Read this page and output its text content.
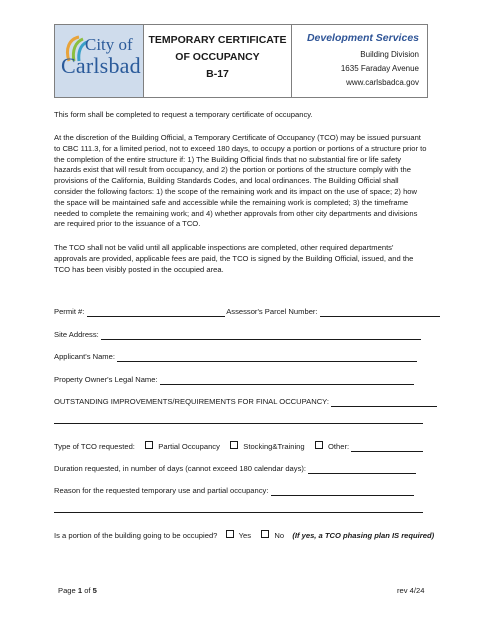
City of
Carlsbad
TEMPORARY CERTIFICATE
OF OCCUPANCY
B-17
Development Services
Building Division
1635 Faraday Avenue
www.carlsbadca.gov
This form shall be completed to request a temporary certificate of occupancy.
At the discretion of the Building Official, a Temporary Certificate of Occupancy (TCO) may be issued pursuant to CBC 111.3, for a limited period, not to exceed 180 days, to occupy a portion or portions of a structure prior to the completion of the entire structure if: 1) The Building Official finds that no substantial fire or life safety hazards exist that will result from occupancy, and 2) the portion or portions of the structure comply with the provisions of the California, Building Standards Codes, and local ordinances. The Building Official shall consider the following factors: 1) the scope of the remaining work and its impact on the use of space; 2) how the space will be maintained safe and accessible while the remaining work is completed; 3) the timeframe needed to complete the remaining work; and 4) whether approvals from other city departments and divisions are required prior to the issuance of a TCO.
The TCO shall not be valid until all applicable inspections are completed, other required departments' approvals are provided, applicable fees are paid, the TCO is signed by the Building Official, issued, and the TCO has been visibly posted in the occupied area.
Permit #:	Assessor's Parcel Number:
Site Address:
Applicant's Name:
Property Owner's Legal Name:
OUTSTANDING IMPROVEMENTS/REQUIREMENTS FOR FINAL OCCUPANCY:
Type of TCO requested:	Partial Occupancy	Stocking&Training	Other:
Duration requested, in number of days (cannot exceed 180 calendar days):
Reason for the requested temporary use and partial occupancy:
Is a portion of the building going to be occupied?	Yes	No (If yes, a TCO phasing plan IS required)
Page 1 of 5	rev 4/24
